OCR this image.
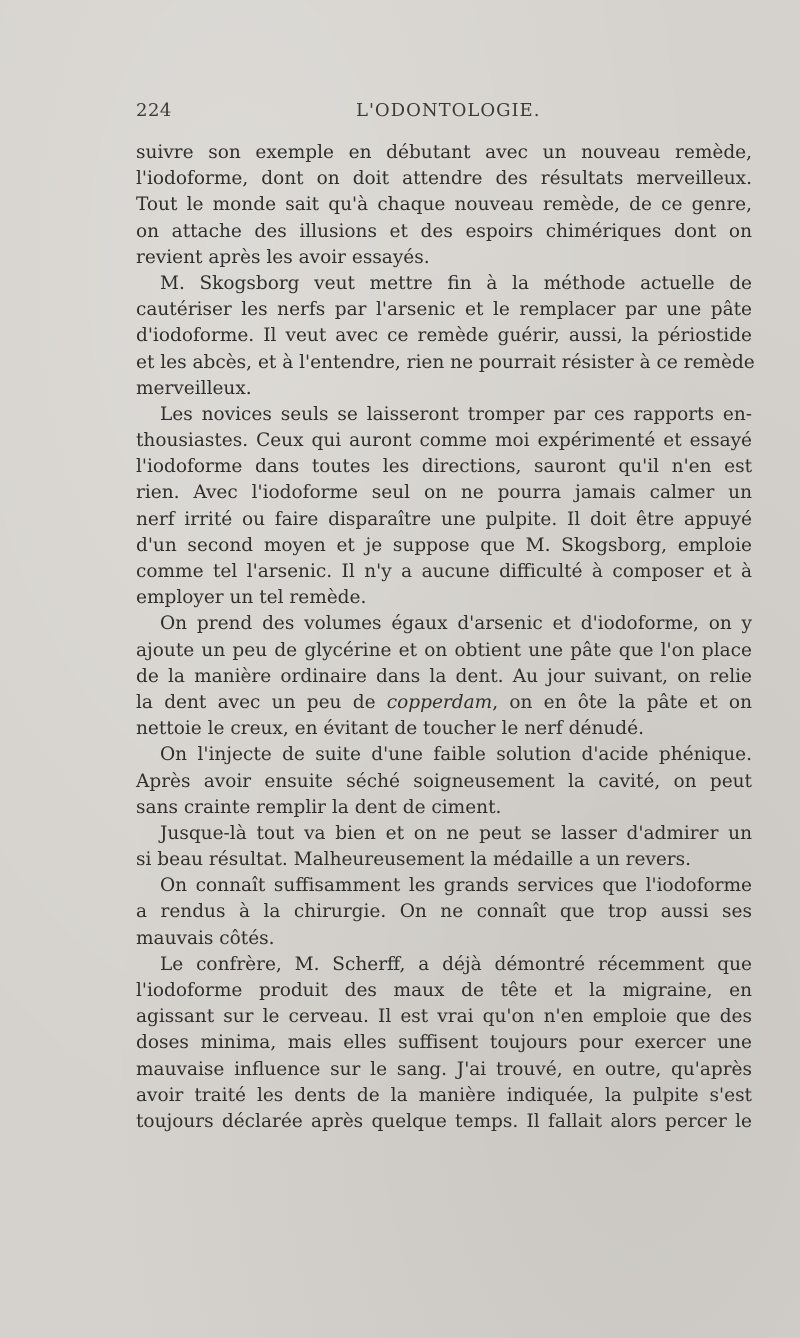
224	L'ODONTOLOGIE.
suivre son exemple en débutant avec un nouveau remède,
l'iodoforme, dont on doit attendre des résultats merveilleux.
Tout le monde sait qu'à chaque nouveau remède, de ce genre,
on attache des illusions et des espoirs chimériques dont on
revient après les avoir essayés.
M. Skogsborg veut mettre fin à la méthode actuelle de
cautériser les nerfs par l'arsenic et le remplacer par une pâte
d'iodoforme. Il veut avec ce remède guérir, aussi, la périostide
et les abcès, et à l'entendre, rien ne pourrait résister à ce remède
merveilleux.
Les novices seuls se laisseront tromper par ces rapports en-
thousiastes. Ceux qui auront comme moi expérimenté et essayé
l'iodoforme dans toutes les directions, sauront qu'il n'en est
rien. Avec l'iodoforme seul on ne pourra jamais calmer un
nerf irrité ou faire disparaître une pulpite. Il doit être appuyé
d'un second moyen et je suppose que M. Skogsborg, emploie
comme tel l'arsenic. Il n'y a aucune difficulté à composer et à
employer un tel remède.
On prend des volumes égaux d'arsenic et d'iodoforme, on y
ajoute un peu de glycérine et on obtient une pâte que l'on place
de la manière ordinaire dans la dent. Au jour suivant, on relie
la dent avec un peu de copperdam, on en ôte la pâte et on
nettoie le creux, en évitant de toucher le nerf dénudé.
On l'injecte de suite d'une faible solution d'acide phénique.
Après avoir ensuite séché soigneusement la cavité, on peut
sans crainte remplir la dent de ciment.
Jusque-là tout va bien et on ne peut se lasser d'admirer un
si beau résultat. Malheureusement la médaille a un revers.
On connaît suffisamment les grands services que l'iodoforme
a rendus à la chirurgie. On ne connaît que trop aussi ses
mauvais côtés.
Le confrère, M. Scherff, a déjà démontré récemment que
l'iodoforme produit des maux de tête et la migraine, en
agissant sur le cerveau. Il est vrai qu'on n'en emploie que des
doses minima, mais elles suffisent toujours pour exercer une
mauvaise influence sur le sang. J'ai trouvé, en outre, qu'après
avoir traité les dents de la manière indiquée, la pulpite s'est
toujours déclarée après quelque temps. Il fallait alors percer le
